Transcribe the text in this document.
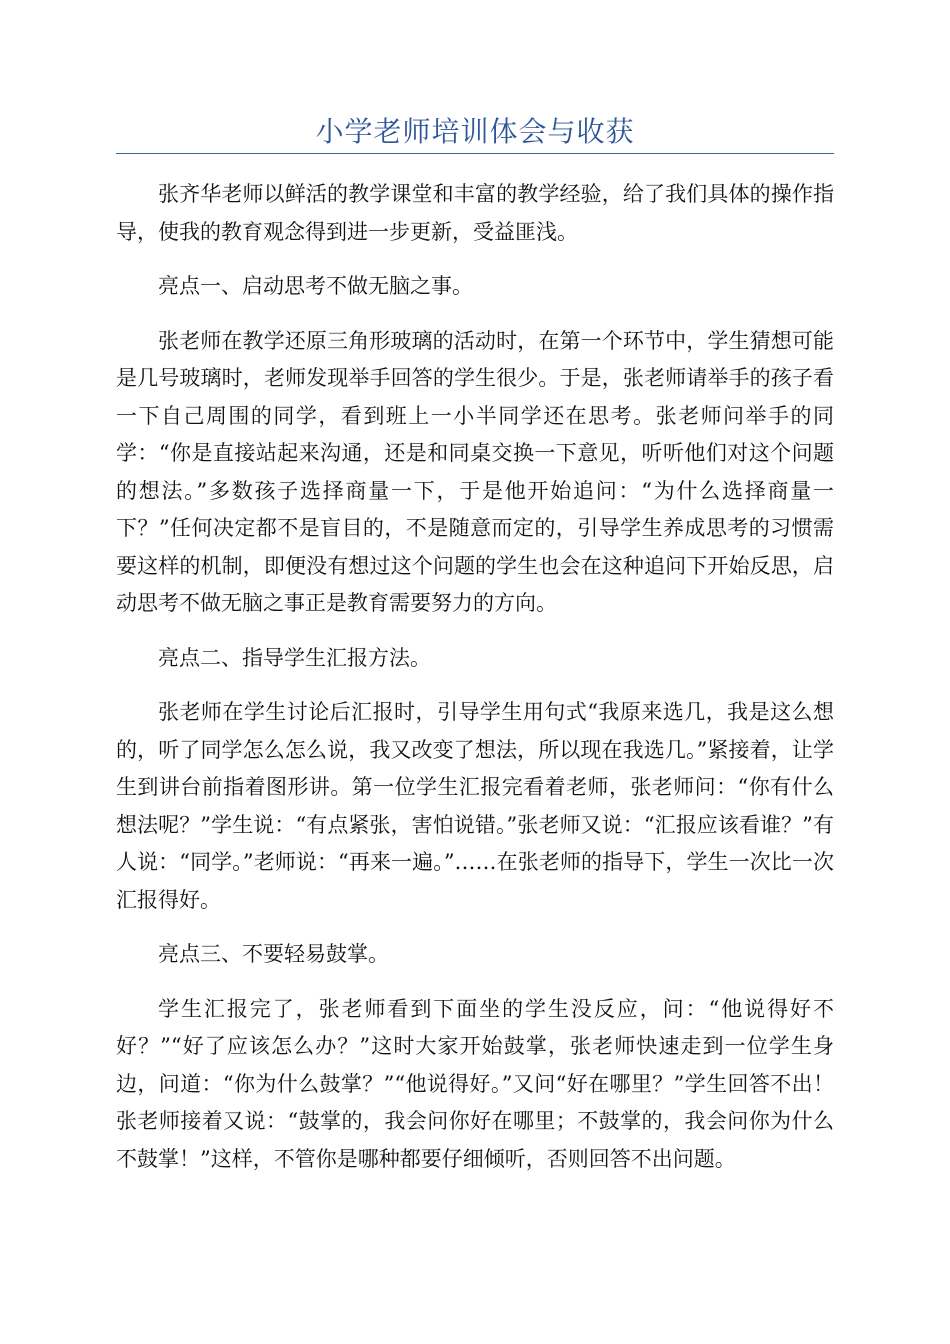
小学老师培训体会与收获

张齐华老师以鲜活的教学课堂和丰富的教学经验，给了我们具体的操作指导，使我的教育观念得到进一步更新，受益匪浅。

亮点一、启动思考不做无脑之事。

张老师在教学还原三角形玻璃的活动时，在第一个环节中，学生猜想可能是几号玻璃时，老师发现举手回答的学生很少。于是，张老师请举手的孩子看一下自己周围的同学，看到班上一小半同学还在思考。张老师问举手的同学：“你是直接站起来沟通，还是和同桌交换一下意见，听听他们对这个问题的想法。”多数孩子选择商量一下，于是他开始追问：“为什么选择商量一下？”任何决定都不是盲目的，不是随意而定的，引导学生养成思考的习惯需要这样的机制，即便没有想过这个问题的学生也会在这种追问下开始反思，启动思考不做无脑之事正是教育需要努力的方向。

亮点二、指导学生汇报方法。

张老师在学生讨论后汇报时，引导学生用句式“我原来选几，我是这么想的，听了同学怎么怎么说，我又改变了想法，所以现在我选几。”紧接着，让学生到讲台前指着图形讲。第一位学生汇报完看着老师，张老师问：“你有什么想法呢？”学生说：“有点紧张，害怕说错。”张老师又说：“汇报应该看谁？”有人说：“同学。”老师说：“再来一遍。”……在张老师的指导下，学生一次比一次汇报得好。

亮点三、不要轻易鼓掌。

学生汇报完了，张老师看到下面坐的学生没反应，问：“他说得好不好？”“好了应该怎么办？”这时大家开始鼓掌，张老师快速走到一位学生身边，问道：“你为什么鼓掌？”“他说得好。”又问“好在哪里？”学生回答不出！张老师接着又说：“鼓掌的，我会问你好在哪里；不鼓掌的，我会问你为什么不鼓掌！”这样，不管你是哪种都要仔细倾听，否则回答不出问题。
